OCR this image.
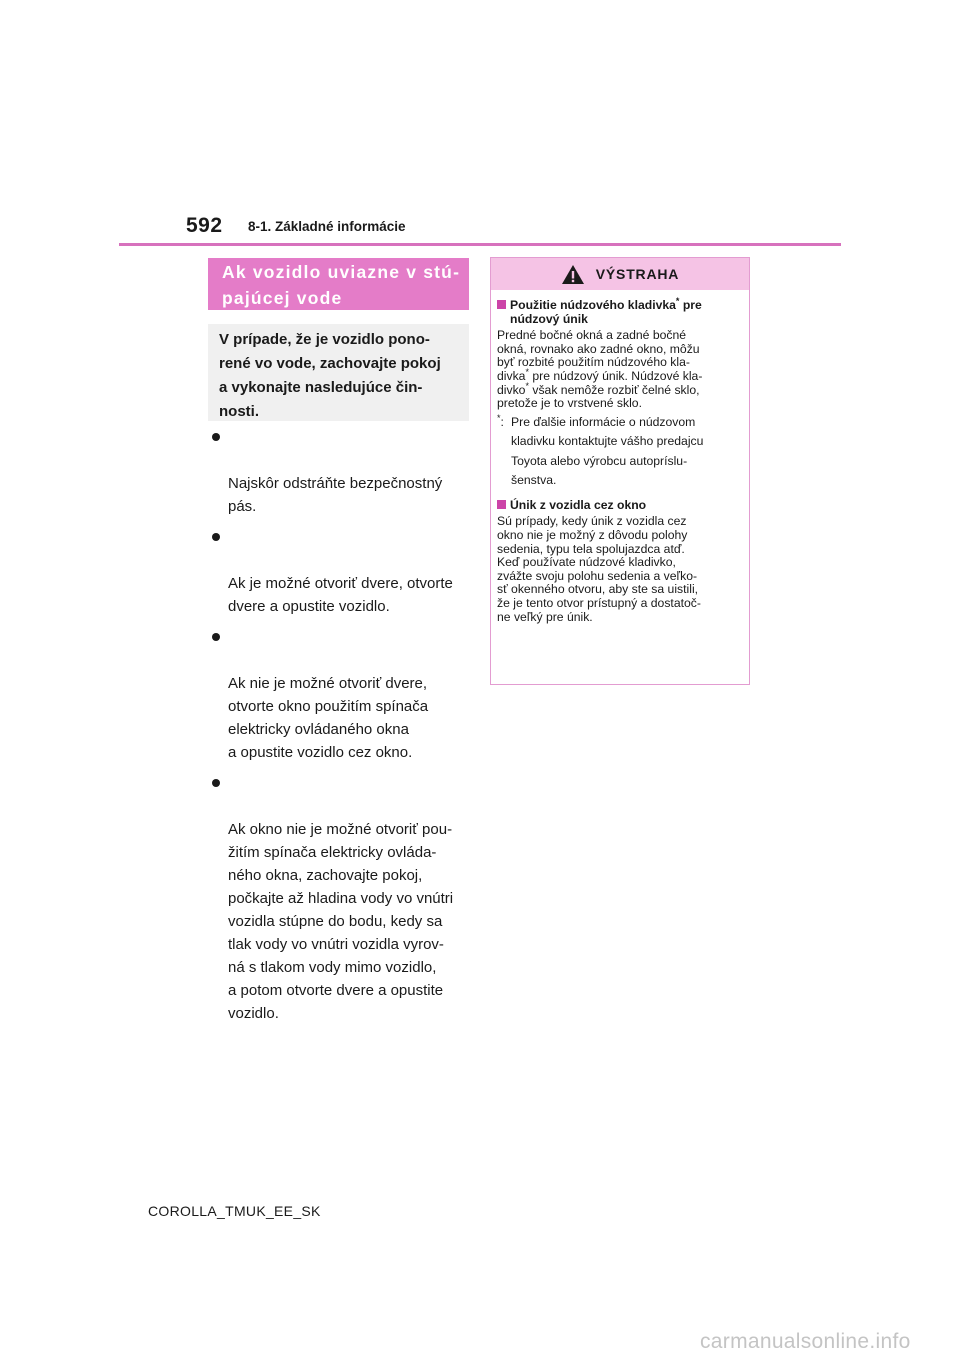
592 8-1. Základné informácie
Ak vozidlo uviazne v stú-
pajúcej vode
V prípade, že je vozidlo pono-
rené vo vode, zachovajte pokoj
a vykonajte nasledujúce čin-
nosti.

Najskôr odstráňte bezpečnostný
pás.

Ak je možné otvoriť dvere, otvorte
dvere a opustite vozidlo.

Ak nie je možné otvoriť dvere,
otvorte okno použitím spínača
elektricky ovládaného okna
a opustite vozidlo cez okno.

Ak okno nie je možné otvoriť pou-
žitím spínača elektricky ovláda-
ného okna, zachovajte pokoj,
počkajte až hladina vody vo vnútri
vozidla stúpne do bodu, kedy sa
tlak vody vo vnútri vozidla vyrov-
ná s tlakom vody mimo vozidlo,
a potom otvorte dvere a opustite
vozidlo.

VÝSTRAHA
Použitie núdzového kladivka* pre
núdzový únik
Predné bočné okná a zadné bočné
okná, rovnako ako zadné okno, môžu
byť rozbité použitím núdzového kla-
divka* pre núdzový únik. Núdzové kla-
divko* však nemôže rozbiť čelné sklo,
pretože je to vrstvené sklo.
*: Pre ďalšie informácie o núdzovom
kladivku kontaktujte vášho predajcu
Toyota alebo výrobcu autopríslu-
šenstva.
Únik z vozidla cez okno
Sú prípady, kedy únik z vozidla cez
okno nie je možný z dôvodu polohy
sedenia, typu tela spolujazdca atď.
Keď používate núdzové kladivko,
zvážte svoju polohu sedenia a veľko-
sť okenného otvoru, aby ste sa uistili,
že je tento otvor prístupný a dostatoč-
ne veľký pre únik.
COROLLA_TMUK_EE_SK
carmanualsonline.info
